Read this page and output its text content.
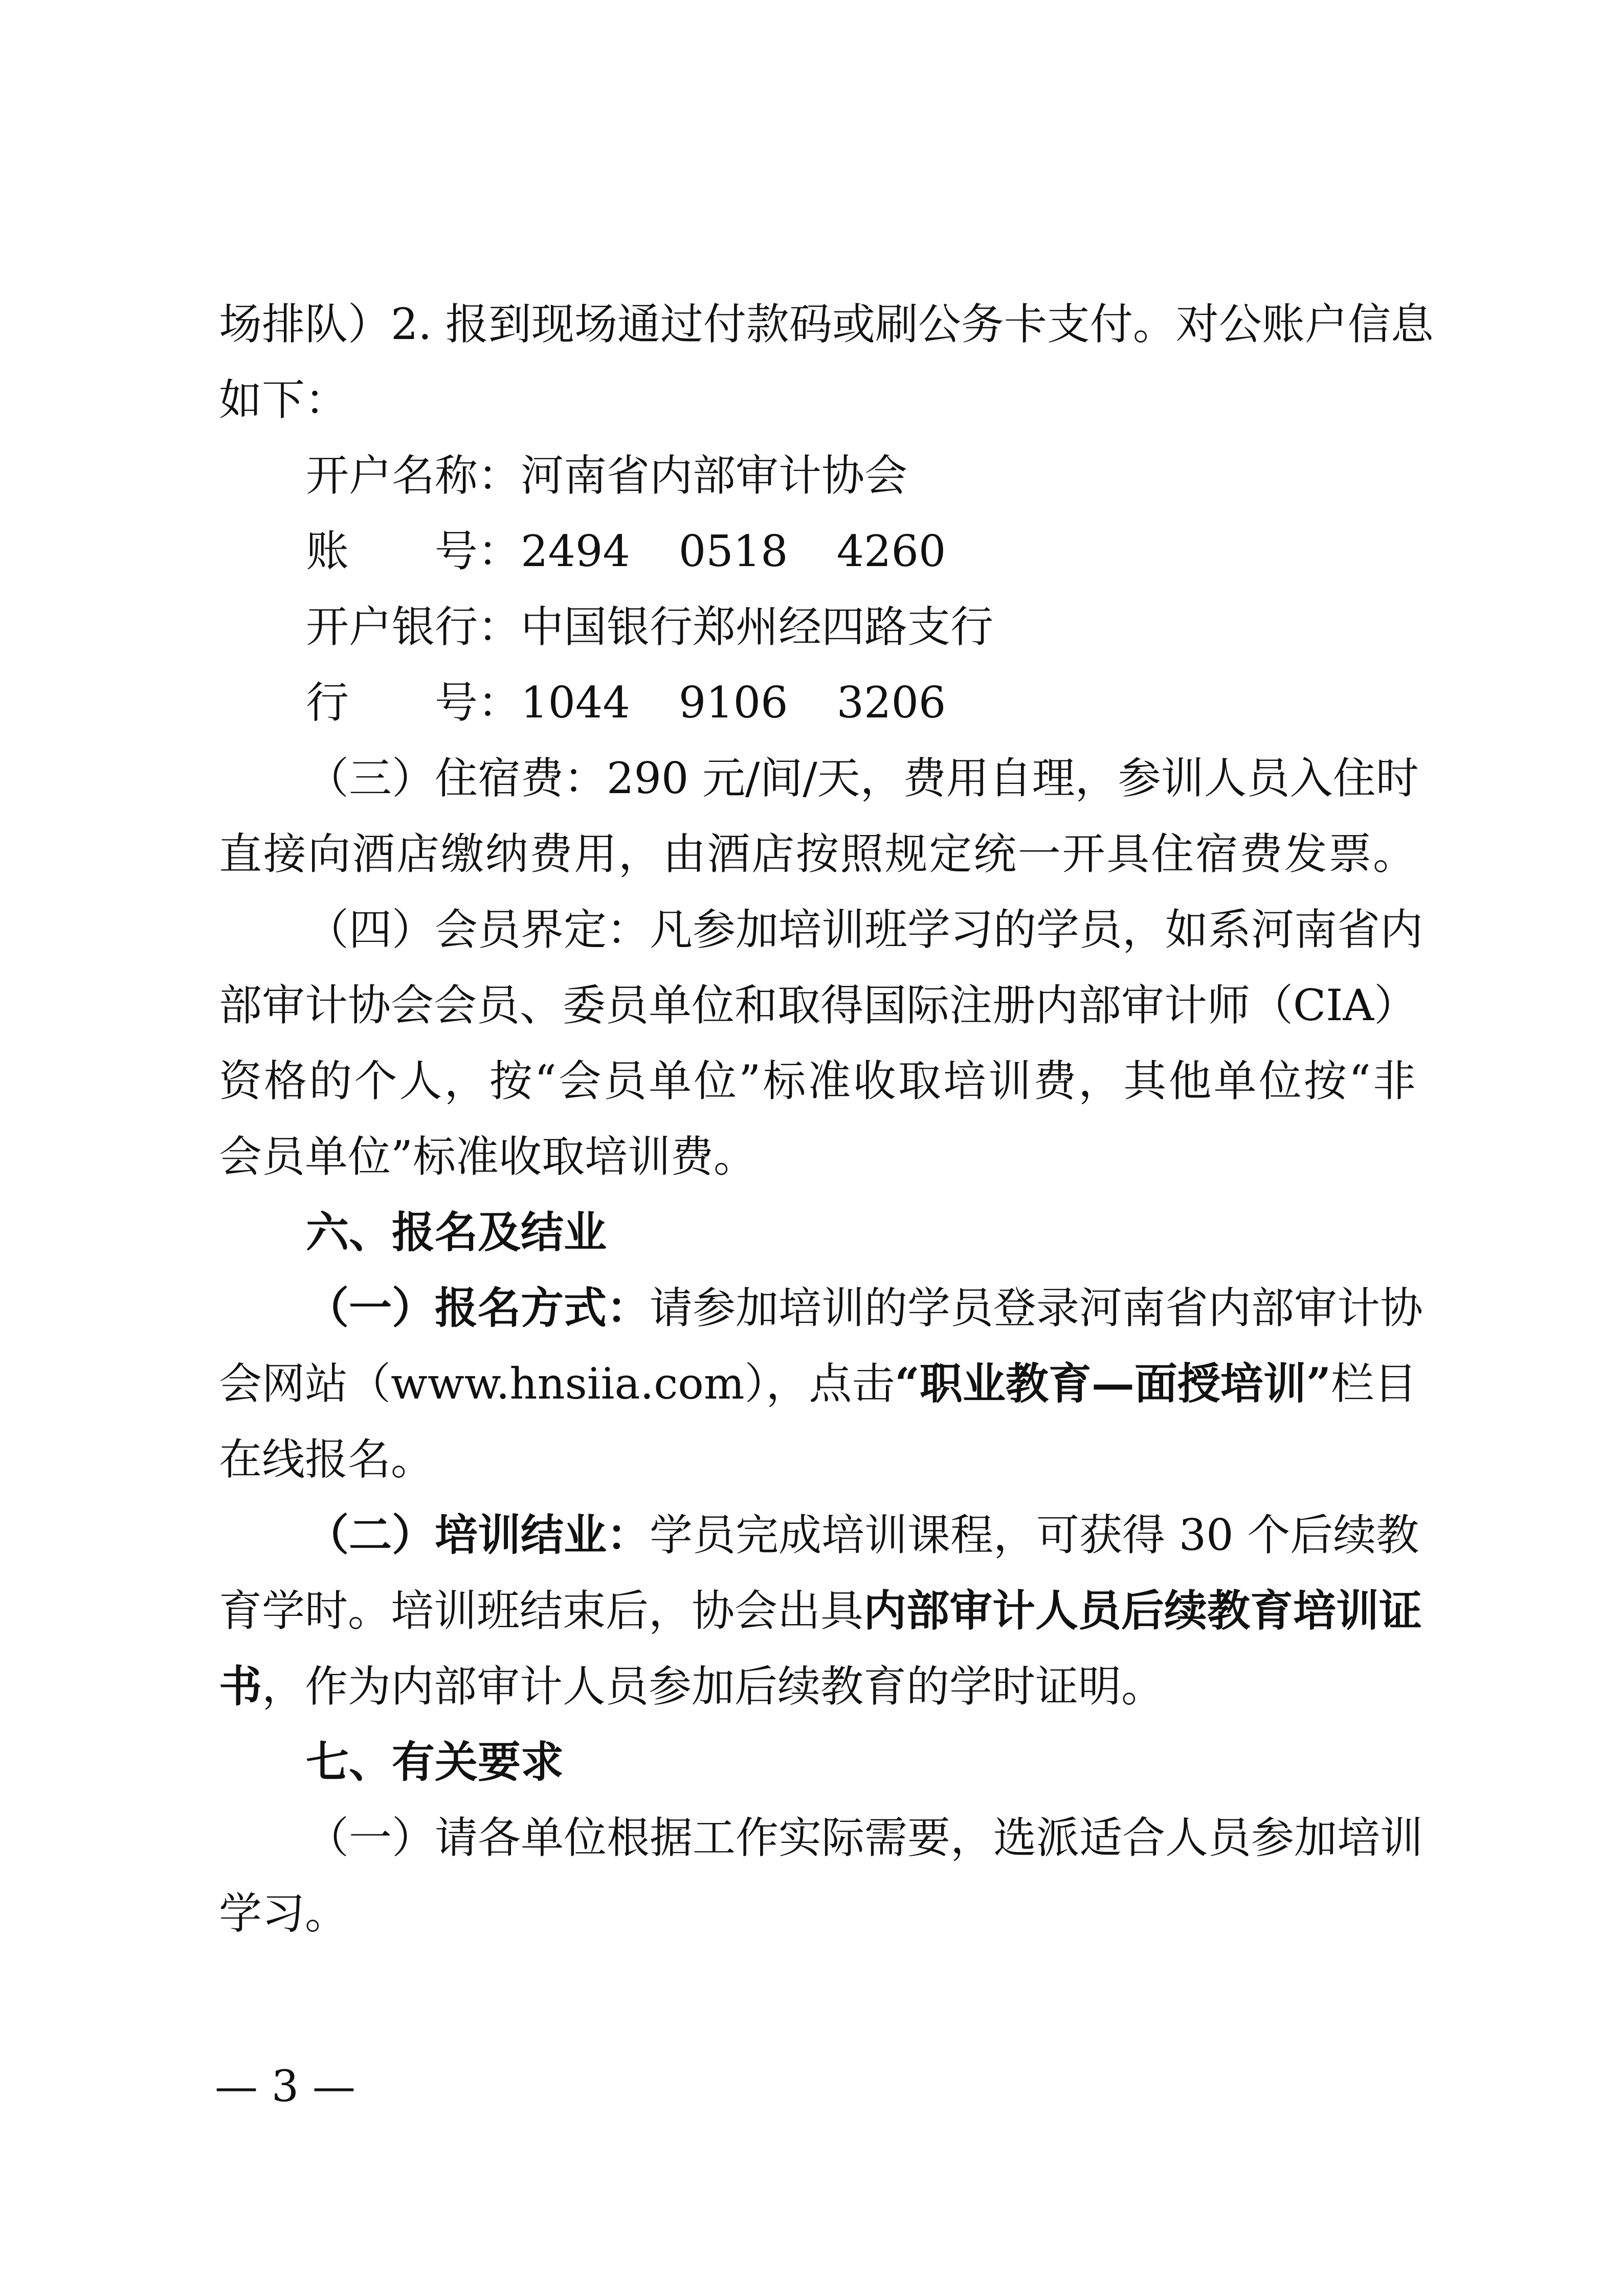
场排队）2. 报到现场通过付款码或刷公务卡支付。对公账户信息
如下：
开 户 名 称： 河南省内部审计协会
账 号： 2494 0518 4260
开 户 银 行： 中国银行郑州经四路支行
行 号： 1044 9106 3206
（三）住宿费：290 元/间/天，费用自理，参训人员入住时
直接向酒店缴纳费用，由酒店按照规定统一开具住宿费发票。
（四）会员界定：凡参加培训班学习的学员，如系河南省内
部审计协会会员、委员单位和取得国际注册内部审计师（CIA）
资格的个人，按“会员单位”标准收取培训费，其他单位按“非
会员单位”标准收取培训费。
六、报名及结业
（一）报名方式：请参加培训的学员登录河南省内部审计协
会网站（www.hnsiia.com），点击“职业教育—面授培训”栏目
在线报名。
（二）培训结业：学员完成培训课程，可获得 30 个后续教
育学时。培训班结束后，协会出具内部审计人员后续教育培训证
书，作为内部审计人员参加后续教育的学时证明。
七、有关要求
（一）请各单位根据工作实际需要，选派适合人员参加培训
学习。
— 3 —
